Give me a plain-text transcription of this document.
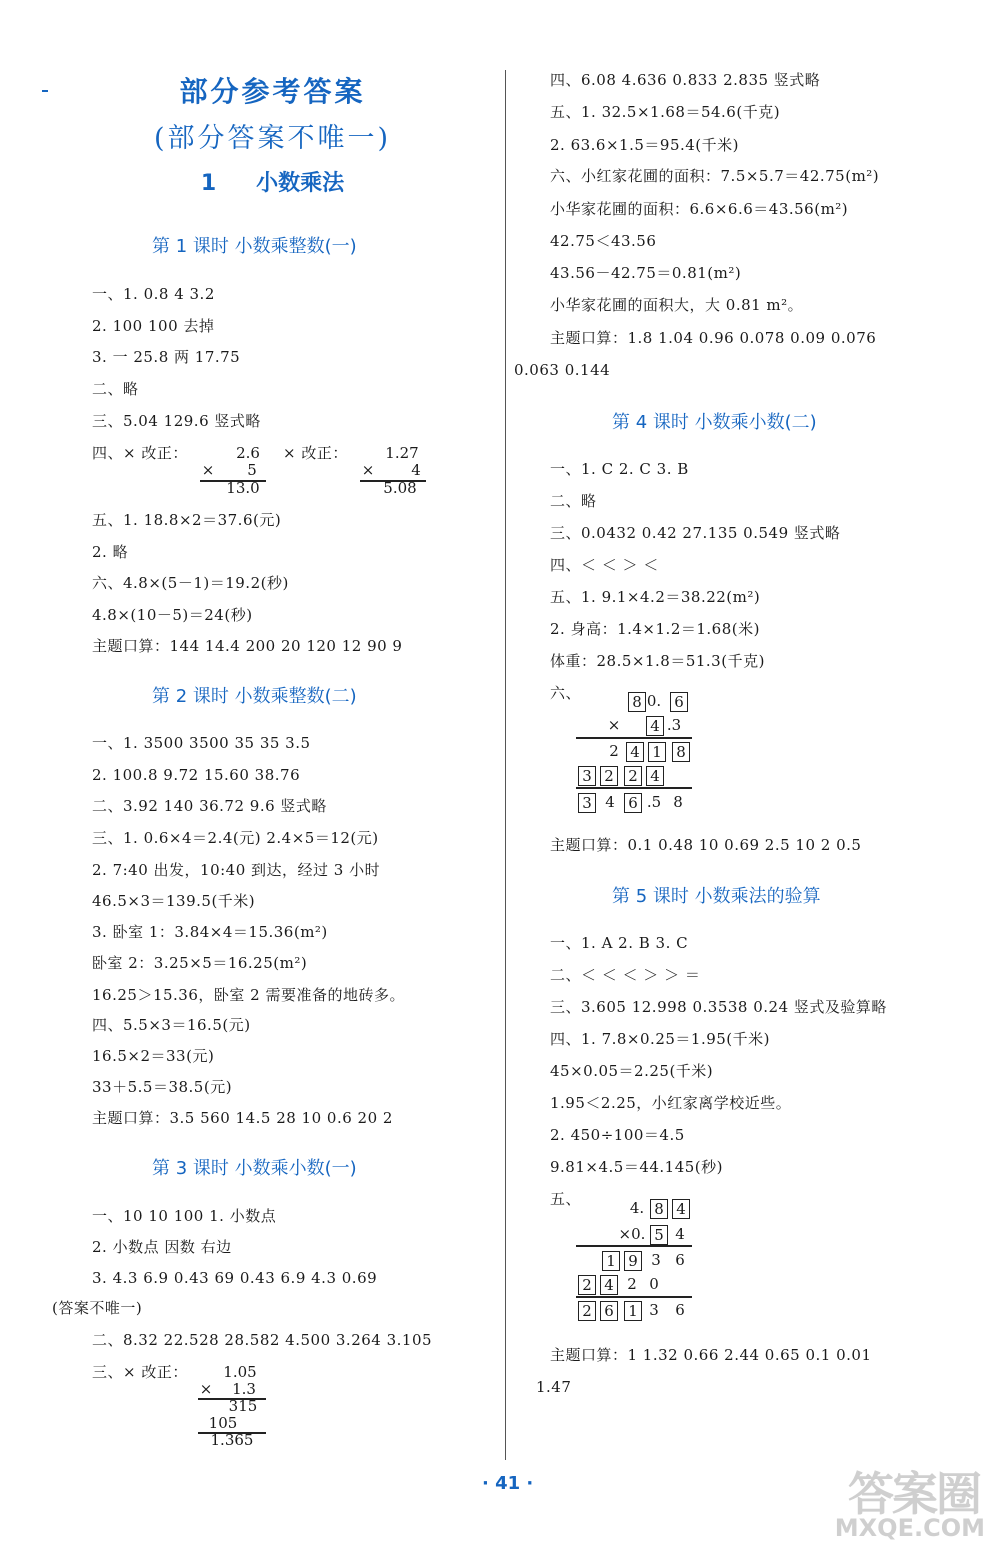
部分参考答案
(部分答案不唯一)
1 小数乘法
第 1 课时 小数乘整数(一)
一、1. 0.8 4 3.2
2. 100 100 去掉
3. 一 25.8 两 17.75
二、略
三、5.04 129.6 竖式略
四、× 改正：	× 改正：
2.6
× 5
13.0
1.27
× 4
5.08
五、1. 18.8×2＝37.6(元)
2. 略
六、4.8×(5－1)＝19.2(秒)
4.8×(10－5)＝24(秒)
主题口算：144 14.4 200 20 120 12 90 9
第 2 课时 小数乘整数(二)
一、1. 3500 3500 35 35 3.5
2. 100.8 9.72 15.60 38.76
二、3.92 140 36.72 9.6 竖式略
三、1. 0.6×4＝2.4(元) 2.4×5＝12(元)
2. 7:40 出发，10:40 到达，经过 3 小时
46.5×3＝139.5(千米)
3. 卧室 1：3.84×4＝15.36(m²)
卧室 2：3.25×5＝16.25(m²)
16.25＞15.36，卧室 2 需要准备的地砖多。
四、5.5×3＝16.5(元)
16.5×2＝33(元)
33＋5.5＝38.5(元)
主题口算：3.5 560 14.5 28 10 0.6 20 2
第 3 课时 小数乘小数(一)
一、10 10 100 1. 小数点
2. 小数点 因数 右边
3. 4.3 6.9 0.43 69 0.43 6.9 4.3 0.69
(答案不唯一)
二、8.32 22.528 28.582 4.500 3.264 3.105
三、× 改正：	1.05
×	1.3
315
105
1.365
四、6.08 4.636 0.833 2.835 竖式略
五、1. 32.5×1.68＝54.6(千克)
2. 63.6×1.5＝95.4(千米)
六、小红家花圃的面积：7.5×5.7＝42.75(m²)
小华家花圃的面积：6.6×6.6＝43.56(m²)
42.75＜43.56
43.56－42.75＝0.81(m²)
小华家花圃的面积大，大 0.81 m²。
主题口算：1.8 1.04 0.96 0.078 0.09 0.076
0.063 0.144
第 4 课时 小数乘小数(二)
一、1. C 2. C 3. B
二、略
三、0.0432 0.42 27.135 0.549 竖式略
四、＜ ＜ ＞ ＜
五、1. 9.1×4.2＝38.22(m²)
2. 身高：1.4×1.2＝1.68(米)
体重：28.5×1.8＝51.3(千克)
六、	8 0. 6
× 4 .3
2 4 1 8
3 2 2 4
3 4 6 .5 8
主题口算：0.1 0.48 10 0.69 2.5 10 2 0.5
第 5 课时 小数乘法的验算
一、1. A 2. B 3. C
二、＜ ＜ ＜ ＞ ＞ ＝
三、3.605 12.998 0.3538 0.24 竖式及验算略
四、1. 7.8×0.25＝1.95(千米)
45×0.05＝2.25(千米)
1.95＜2.25，小红家离学校近些。
2. 450÷100＝4.5
9.81×4.5＝44.145(秒)
五、	4. 8 4
×0. 5 4
1 9 3 6
2 4 2 0
2 6 1 3 6
主题口算：1 1.32 0.66 2.44 0.65 0.1 0.01
1.47
· 41 ·	答案圈
MXQE.COM
